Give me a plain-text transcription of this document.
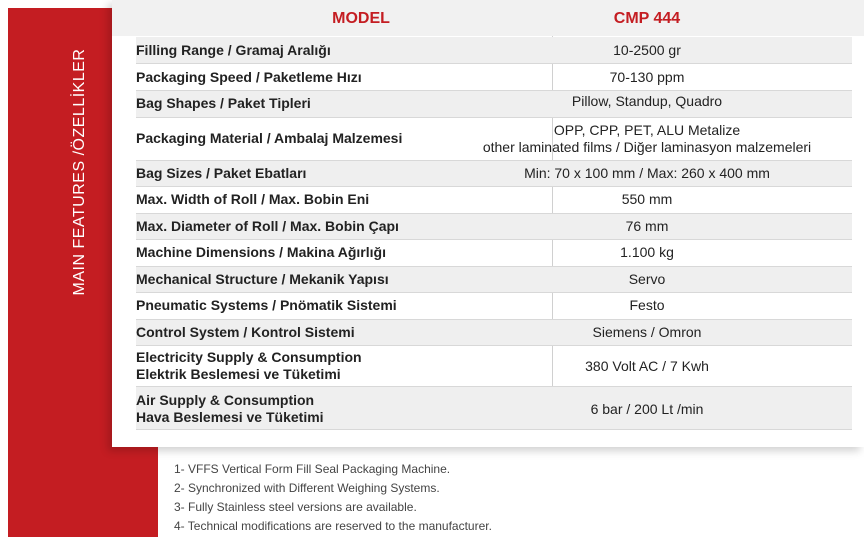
MAIN FEATURES /ÖZELLİKLER
MODEL	CMP 444
Filling Range / Gramaj Aralığı	10-2500 gr
Packaging Speed / Paketleme Hızı	70-130 ppm
Bag Shapes / Paket Tipleri	Pillow, Standup, Quadro
Packaging Material / Ambalaj Malzemesi	OPP, CPP, PET, ALU Metalize
other laminated films / Diğer laminasyon malzemeleri
Bag Sizes / Paket Ebatları	Min: 70 x 100 mm / Max: 260 x 400 mm
Max. Width of Roll / Max. Bobin Eni	550 mm
Max. Diameter of Roll / Max. Bobin Çapı	76 mm
Machine Dimensions / Makina Ağırlığı	1.100 kg
Mechanical Structure / Mekanik Yapısı	Servo
Pneumatic Systems / Pnömatik Sistemi	Festo
Control System / Kontrol Sistemi	Siemens / Omron
Electricity Supply & Consumption
Elektrik Beslemesi ve Tüketimi	380 Volt AC / 7 Kwh
Air Supply & Consumption
Hava Beslemesi ve Tüketimi	6 bar / 200 Lt /min
1- VFFS Vertical Form Fill Seal Packaging Machine.
2- Synchronized with Different Weighing Systems.
3- Fully Stainless steel versions are available.
4- Technical modifications are reserved to the manufacturer.
